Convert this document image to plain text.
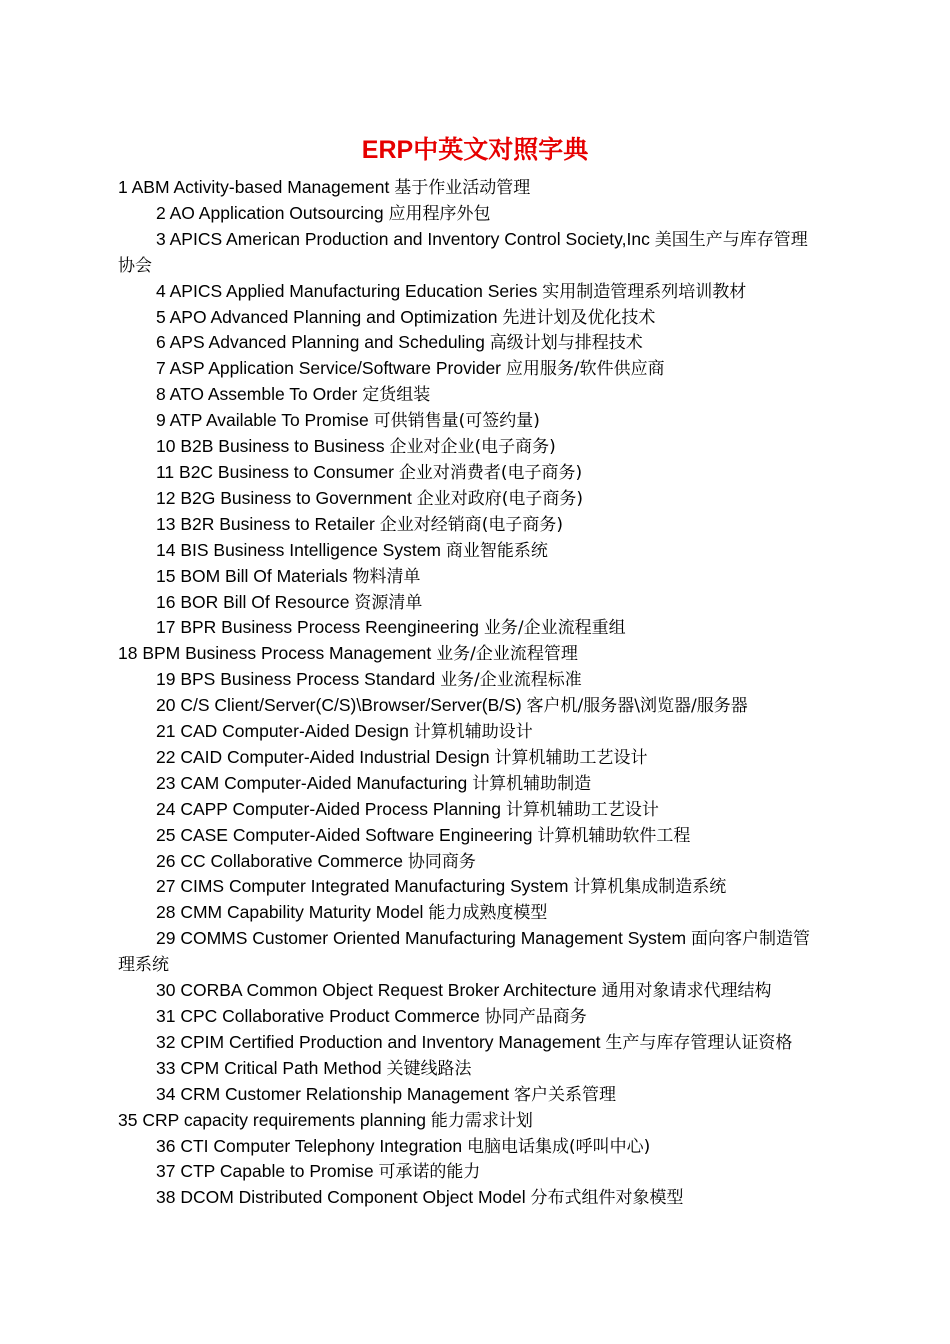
ERP中英文对照字典

1 ABM Activity-based Management 基于作业活动管理

2 AO Application Outsourcing 应用程序外包

3 APICS American Production and Inventory Control Society,Inc 美国生产与库存管理协会

4 APICS Applied Manufacturing Education Series 实用制造管理系列培训教材

5 APO Advanced Planning and Optimization 先进计划及优化技术

6 APS Advanced Planning and Scheduling 高级计划与排程技术

7 ASP Application Service/Software Provider 应用服务/软件供应商

8 ATO Assemble To Order 定货组装

9 ATP Available To Promise 可供销售量(可签约量)

10 B2B Business to Business 企业对企业(电子商务)

11 B2C Business to Consumer 企业对消费者(电子商务)

12 B2G Business to Government 企业对政府(电子商务)

13 B2R Business to Retailer 企业对经销商(电子商务)

14 BIS Business Intelligence System 商业智能系统

15 BOM Bill Of Materials 物料清单

16 BOR Bill Of Resource 资源清单

17 BPR Business Process Reengineering 业务/企业流程重组

18 BPM Business Process Management 业务/企业流程管理

19 BPS Business Process Standard 业务/企业流程标准

20 C/S Client/Server(C/S)\Browser/Server(B/S) 客户机/服务器\浏览器/服务器

21 CAD Computer-Aided Design 计算机辅助设计

22 CAID Computer-Aided Industrial Design 计算机辅助工艺设计

23 CAM Computer-Aided Manufacturing 计算机辅助制造

24 CAPP Computer-Aided Process Planning 计算机辅助工艺设计

25 CASE Computer-Aided Software Engineering 计算机辅助软件工程

26 CC Collaborative Commerce 协同商务

27 CIMS Computer Integrated Manufacturing System 计算机集成制造系统

28 CMM Capability Maturity Model 能力成熟度模型

29 COMMS Customer Oriented Manufacturing Management System 面向客户制造管理系统

30 CORBA Common Object Request Broker Architecture 通用对象请求代理结构

31 CPC Collaborative Product Commerce 协同产品商务

32 CPIM Certified Production and Inventory Management 生产与库存管理认证资格

33 CPM Critical Path Method 关键线路法

34 CRM Customer Relationship Management 客户关系管理

35 CRP capacity requirements planning 能力需求计划

36 CTI Computer Telephony Integration 电脑电话集成(呼叫中心)

37 CTP Capable to Promise 可承诺的能力

38 DCOM Distributed Component Object Model 分布式组件对象模型
